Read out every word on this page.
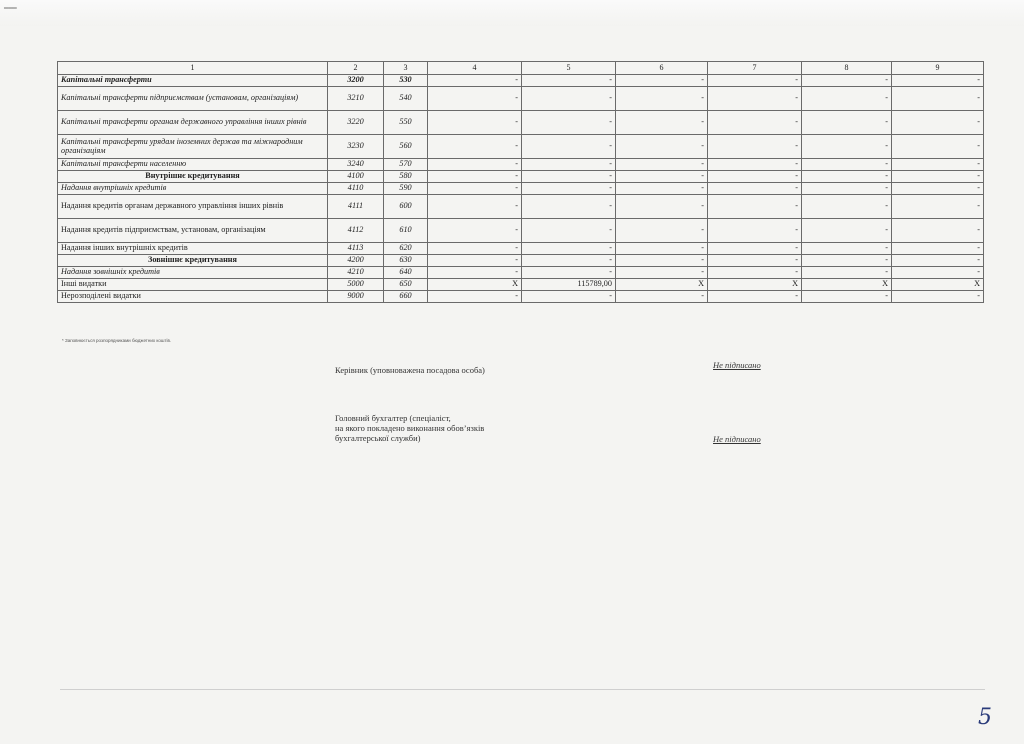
═══
1	2	3	4	5	6	7	8	9
Капітальні трансферти	3200	530	-	-	-	-	-	-
Капітальні трансферти підприємствам (установам, організаціям)	3210	540	-	-	-	-	-	-
Капітальні трансферти органам державного управління інших рівнів	3220	550	-	-	-	-	-	-
Капітальні трансферти урядам іноземних держав та міжнародним організаціям	3230	560	-	-	-	-	-	-
Капітальні трансферти населенню	3240	570	-	-	-	-	-	-
Внутрішнє кредитування	4100	580	-	-	-	-	-	-
Надання внутрішніх кредитів	4110	590	-	-	-	-	-	-
Надання кредитів органам державного управління інших рівнів	4111	600	-	-	-	-	-	-
Надання кредитів підприємствам, установам, організаціям	4112	610	-	-	-	-	-	-
Надання інших внутрішніх кредитів	4113	620	-	-	-	-	-	-
Зовнішнє кредитування	4200	630	-	-	-	-	-	-
Надання зовнішніх кредитів	4210	640	-	-	-	-	-	-
Інші видатки	5000	650	X	115789,00	X	X	X	X
Нерозподілені видатки	9000	660	-	-	-	-	-	-
* Заповнюється розпорядниками бюджетних коштів.
Керівник (уповноважена посадова особа)	Не підписано
Головний бухгалтер (спеціаліст,
на якого покладено виконання обов’язків
бухгалтерської служби)	Не підписано
5
